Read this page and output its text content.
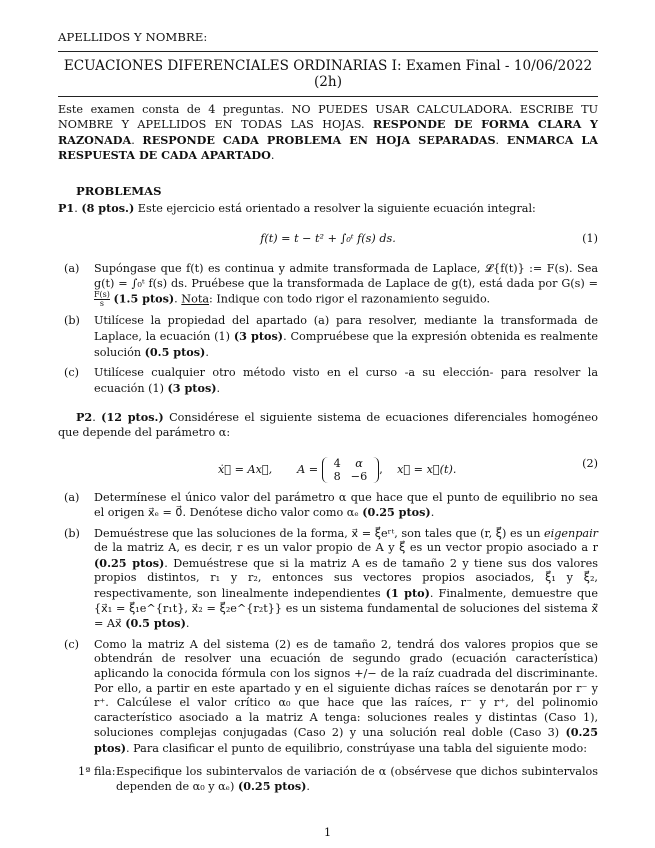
APELLIDOS Y NOMBRE:
ECUACIONES DIFERENCIALES ORDINARIAS I: Examen Final - 10/06/2022
(2h)
Este examen consta de 4 preguntas. NO PUEDES USAR CALCULADORA. ESCRIBE TU NOMBRE Y APELLIDOS EN TODAS LAS HOJAS. RESPONDE DE FORMA CLARA Y RAZONADA. RESPONDE CADA PROBLEMA EN HOJA SEPARADAS. ENMARCA LA RESPUESTA DE CADA APARTADO.
PROBLEMAS
P1. (8 ptos.) Este ejercicio está orientado a resolver la siguiente ecuación integral:
f(t) = t − t² + ∫₀ᵗ f(s) ds.	(1)
(a)	Supóngase que f(t) es continua y admite transformada de Laplace, 𝓛{f(t)} := F(s). Sea g(t) = ∫₀ᵗ f(s) ds. Pruébese que la transformada de Laplace de g(t), está dada por G(s) =
$\frac{F(s)}{s} (1.5$ ptos). Nota: Indique con todo rigor el razonamiento seguido.
(b)	Utilícese la propiedad del apartado (a) para resolver, mediante la transformada de Laplace, la ecuación (1) (3 ptos). Compruébese que la expresión obtenida es realmente solución (0.5 ptos).
(c)	Utilícese cualquier otro método visto en el curso -a su elección- para resolver la ecuación (1) (3 ptos).
P2. (12 ptos.) Considérese el siguiente sistema de ecuaciones diferenciales homogéneo que depende del parámetro α:
ẋ⃗ = Ax⃗, A = 4	α
8	−6
,    x⃗ = x⃗(t).	(2)
(a)	Determínese el único valor del parámetro α que hace que el punto de equilibrio no sea el origen x⃗ₑ = 0⃗. Denótese dicho valor como αₑ (0.25 ptos).
(b)	Demuéstrese que las soluciones de la forma, x⃗ = ξ⃗eʳᵗ, son tales que (r, ξ⃗) es un eigenpair de la matriz A, es decir, r es un valor propio de A y ξ⃗ es un vector propio asociado a r (0.25 ptos). Demuéstrese que si la matriz A es de tamaño 2 y tiene sus dos valores propios distintos, r₁ y r₂, entonces sus vectores propios asociados, ξ⃗₁ y ξ⃗₂, respectivamente, son linealmente independientes (1 pto). Finalmente, demuestre que {x⃗₁ = ξ⃗₁e^{r₁t}, x⃗₂ = ξ⃗₂e^{r₂t}} es un sistema fundamental de soluciones del sistema ẋ⃗ = Ax⃗ (0.5 ptos).
(c)	Como la matriz A del sistema (2) es de tamaño 2, tendrá dos valores propios que se obtendrán de resolver una ecuación de segundo grado (ecuación característica) aplicando la conocida fórmula con los signos +/− de la raíz cuadrada del discriminante. Por ello, a partir en este apartado y en el siguiente dichas raíces se denotarán por r⁻ y r⁺. Calcúlese el valor crítico α₀ que hace que las raíces, r⁻ y r⁺, del polinomio característico asociado a la matriz A tenga: soluciones reales y distintas (Caso 1), soluciones complejas conjugadas (Caso 2) y una solución real doble (Caso 3) (0.25 ptos). Para clasificar el punto de equilibrio, constrúyase una tabla del siguiente modo:
1ª fila: Especifique los subintervalos de variación de α (obsérvese que dichos subintervalos dependen de α₀ y αₑ) (0.25 ptos).
1
